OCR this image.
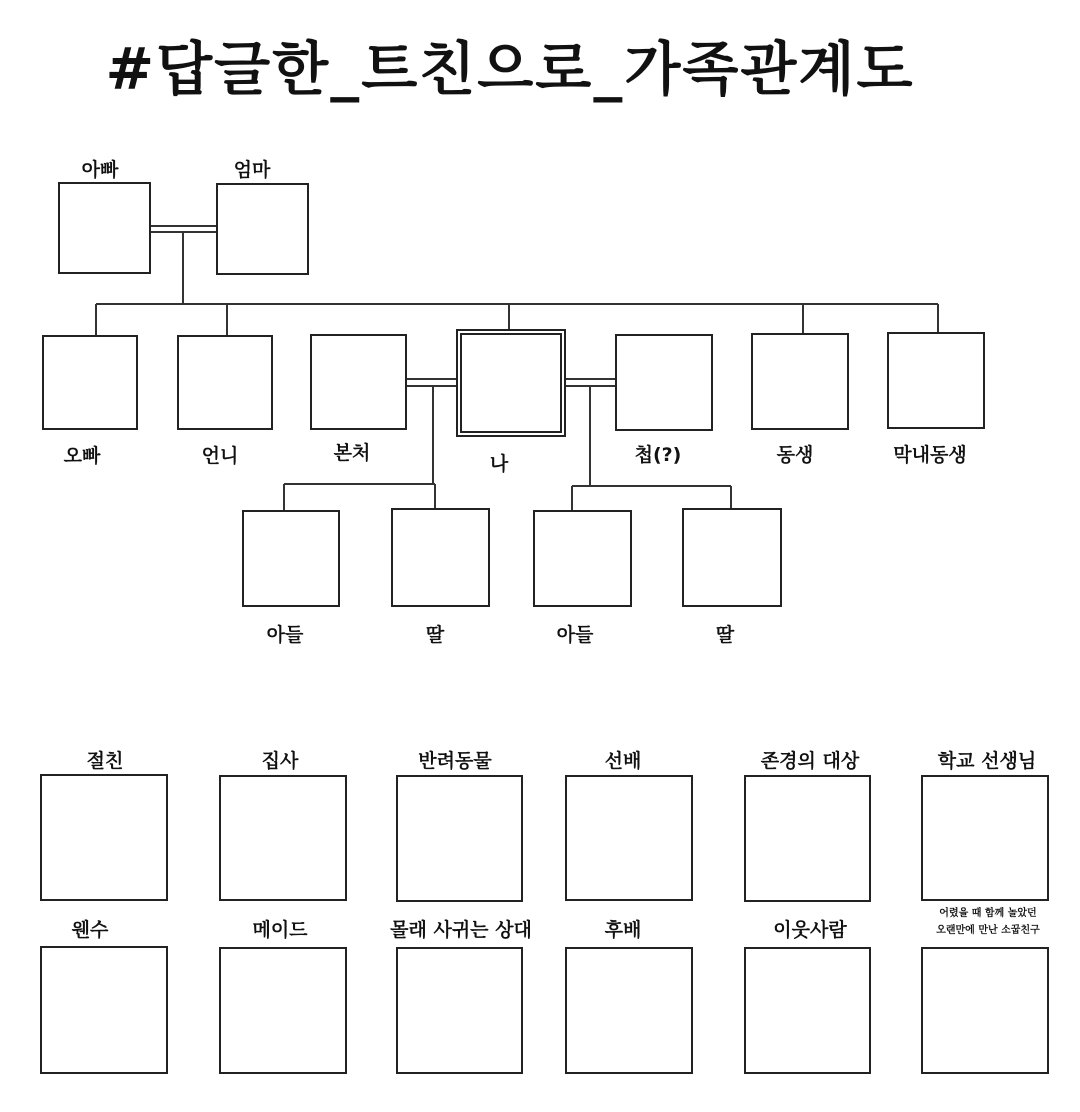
#답글한_트친으로_가족관계도
아빠	엄마
오빠	언니	본처	나	첩(?)	동생	막내동생
아들	딸	아들	딸
절친	집사	반려동물	선배	존경의 대상	학교 선생님
웬수	메이드	몰래 사귀는 상대	후배	이웃사람
어렸을 때 함께 놀았던
오랜만에 만난 소꿉친구
